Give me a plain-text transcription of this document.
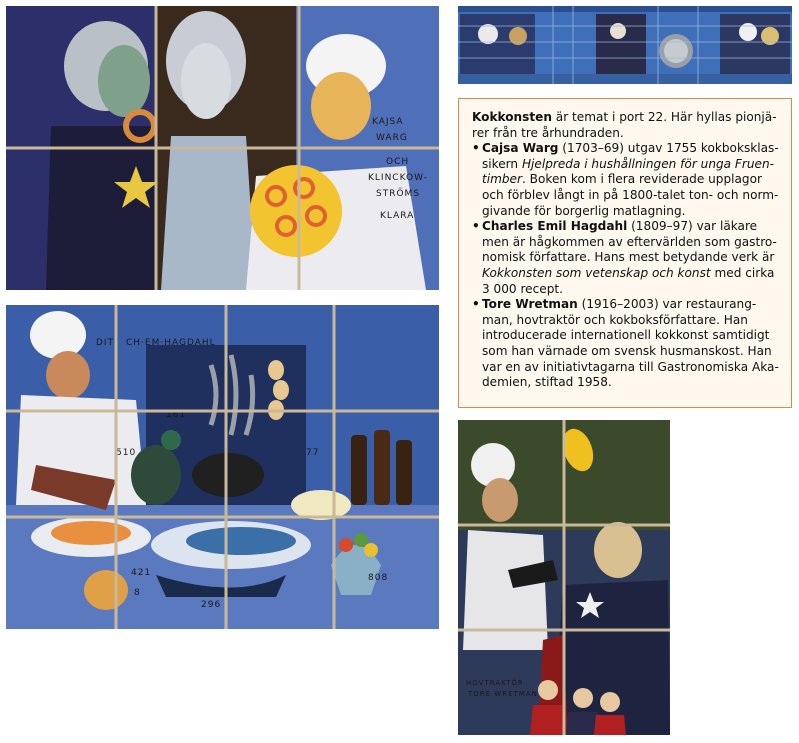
KAJSA
WARG
OCH
KLINCKOW-
STRÖMS
KLARA

Kokkonsten är temat i port 22. Här hyllas pionjärer från tre århundraden.

• Cajsa Warg (1703–69) utgav 1755 kokboksklassikern Hjelpreda i hushållningen för unga Fruentimber. Boken kom i flera reviderade upplagor och förblev långt in på 1800-talet ton- och normgivande för borgerlig matlagning.
• Charles Emil Hagdahl (1809–97) var läkare men är hågkommen av eftervärlden som gastronomisk författare. Hans mest betydande verk är Kokkonsten som vetenskap och konst med cirka 3 000 recept.
• Tore Wretman (1916–2003) var restaurangman, hovtraktör och kokboksförfattare. Han introducerade internationell kokkonst samtidigt som han värnade om svensk husmanskost. Han var en av initiativtagarna till Gastronomiska Akademien, stiftad 1958.
DIT CH·EM·HAGDAHL
510
161
77
421
8
296
808
HOVTRAKTÖR
TORE WRETMAN
